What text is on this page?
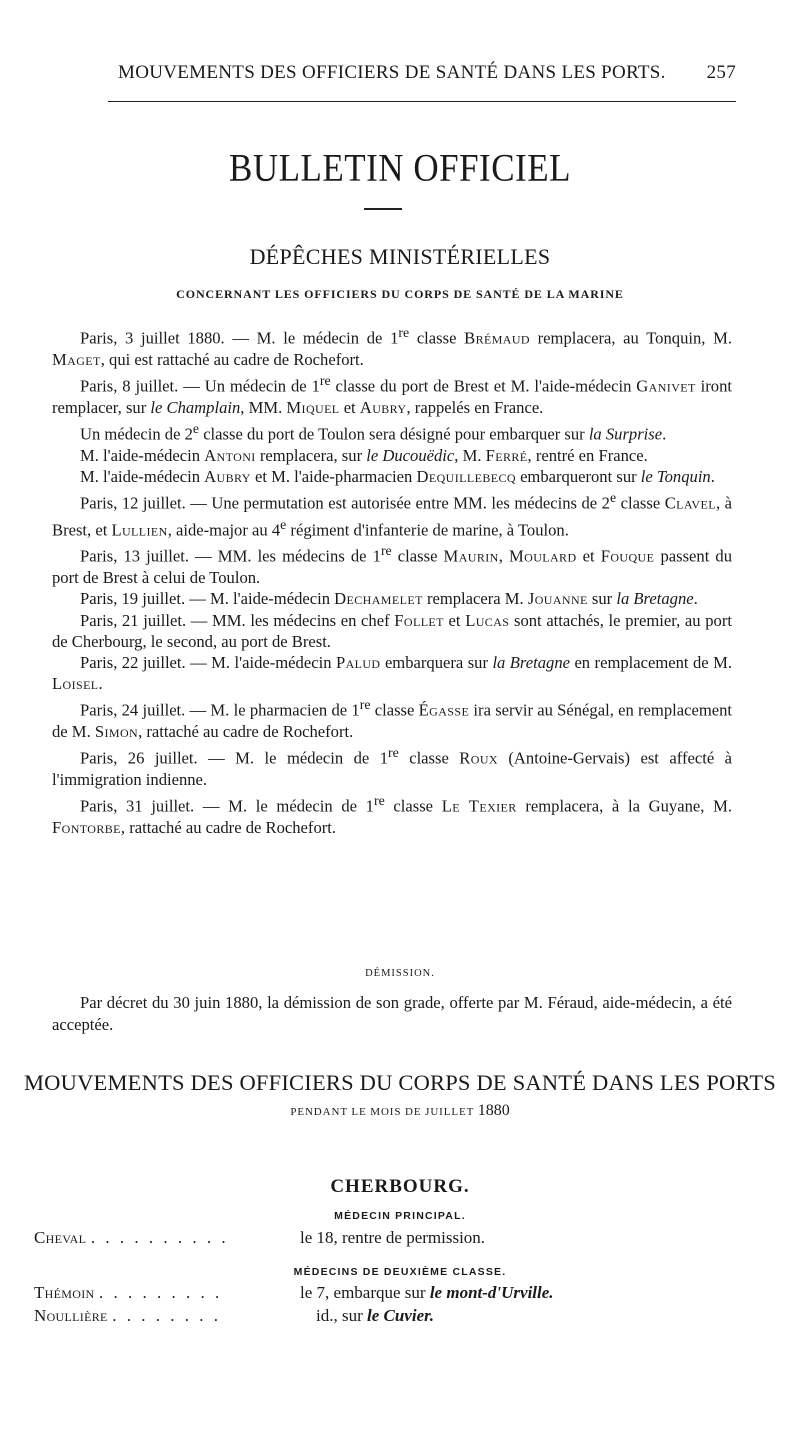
MOUVEMENTS DES OFFICIERS DE SANTÉ DANS LES PORTS. 257
BULLETIN OFFICIEL
DÉPÊCHES MINISTÉRIELLES
CONCERNANT LES OFFICIERS DU CORPS DE SANTÉ DE LA MARINE

Paris, 3 juillet 1880. — M. le médecin de 1re classe Brémaud remplacera, au Tonquin, M. Maget, qui est rattaché au cadre de Rochefort.

Paris, 8 juillet. — Un médecin de 1re classe du port de Brest et M. l'aide-médecin Ganivet iront remplacer, sur le Champlain, MM. Miquel et Aubry, rappelés en France.

Un médecin de 2e classe du port de Toulon sera désigné pour embarquer sur la Surprise.

M. l'aide-médecin Antoni remplacera, sur le Ducouëdic, M. Ferré, rentré en France.

M. l'aide-médecin Aubry et M. l'aide-pharmacien Dequillebecq embarqueront sur le Tonquin.

Paris, 12 juillet. — Une permutation est autorisée entre MM. les médecins de 2e classe Clavel, à Brest, et Lullien, aide-major au 4e régiment d'infanterie de marine, à Toulon.

Paris, 13 juillet. — MM. les médecins de 1re classe Maurin, Moulard et Fouque passent du port de Brest à celui de Toulon.

Paris, 19 juillet. — M. l'aide-médecin Dechamelet remplacera M. Jouanne sur la Bretagne.

Paris, 21 juillet. — MM. les médecins en chef Follet et Lucas sont attachés, le premier, au port de Cherbourg, le second, au port de Brest.

Paris, 22 juillet. — M. l'aide-médecin Palud embarquera sur la Bretagne en remplacement de M. Loisel.

Paris, 24 juillet. — M. le pharmacien de 1re classe Égasse ira servir au Sénégal, en remplacement de M. Simon, rattaché au cadre de Rochefort.

Paris, 26 juillet. — M. le médecin de 1re classe Roux (Antoine-Gervais) est affecté à l'immigration indienne.

Paris, 31 juillet. — M. le médecin de 1re classe Le Texier remplacera, à la Guyane, M. Fontorbe, rattaché au cadre de Rochefort.

DÉMISSION.

Par décret du 30 juin 1880, la démission de son grade, offerte par M. Féraud, aide-médecin, a été acceptée.

MOUVEMENTS DES OFFICIERS DU CORPS DE SANTÉ DANS LES PORTS
PENDANT LE MOIS DE JUILLET 1880
CHERBOURG.
MÉDECIN PRINCIPAL.
Cheval . . . . . . . . . .	le 18, rentre de permission.
MÉDECINS DE DEUXIÈME CLASSE.
Thémoin . . . . . . . . .	le 7, embarque sur le mont-d'Urville.
Noullière . . . . . . . .	id., sur le Cuvier.
